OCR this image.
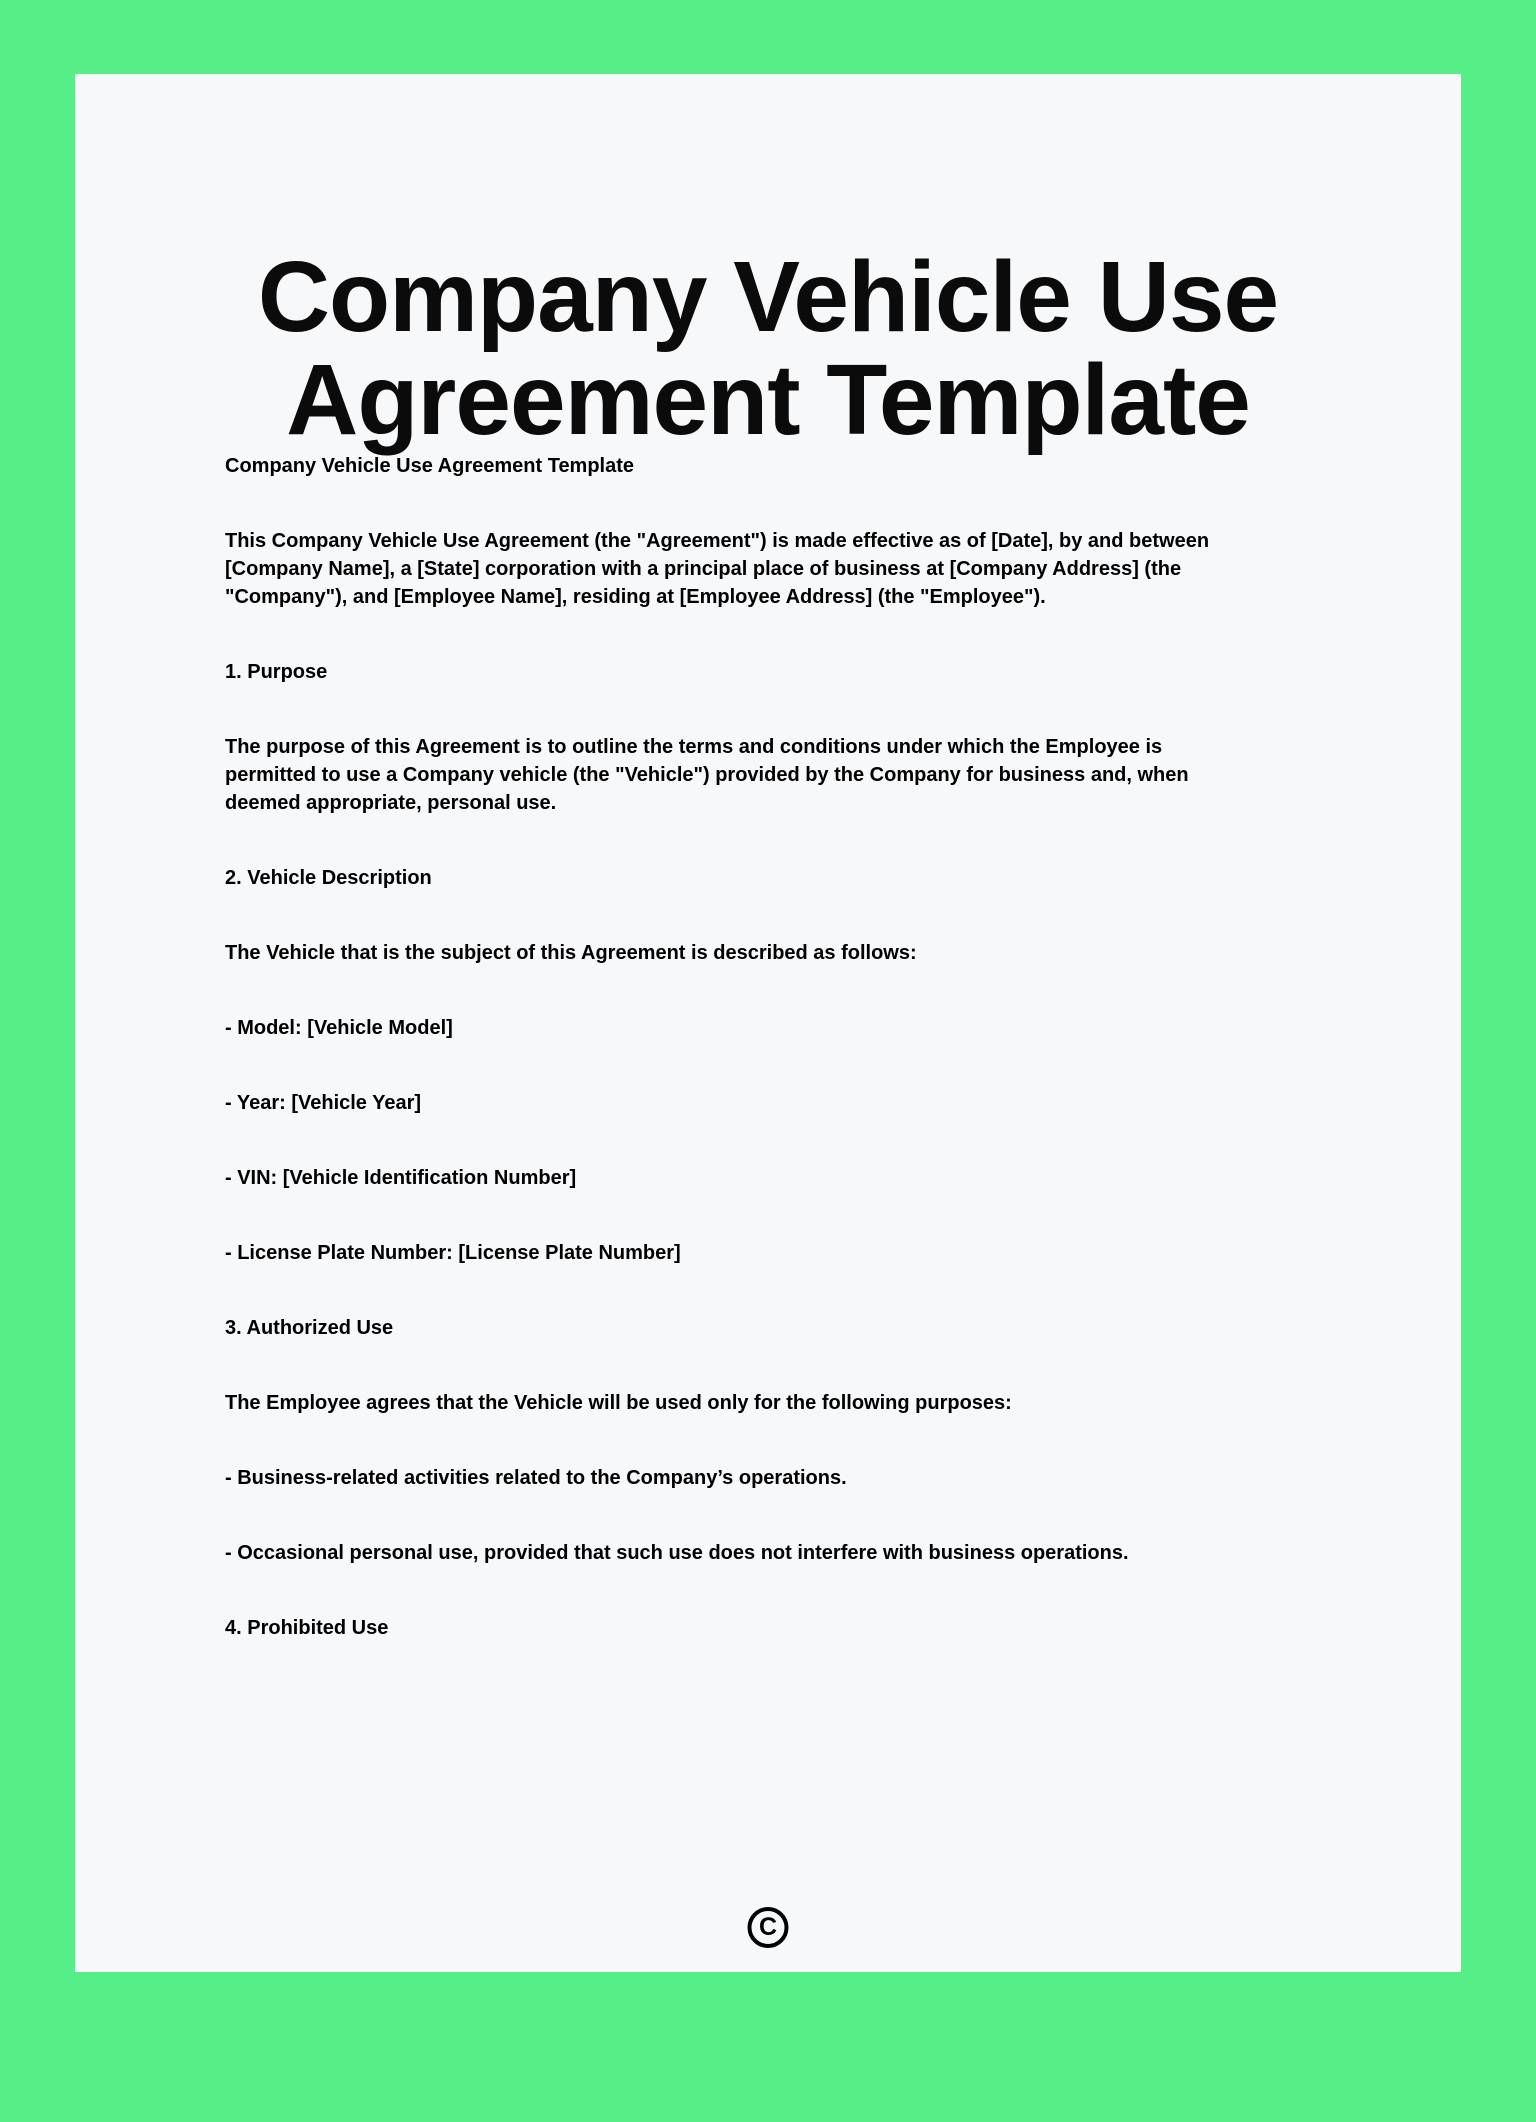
Company Vehicle Use
Agreement Template

Company Vehicle Use Agreement Template

This Company Vehicle Use Agreement (the "Agreement") is made effective as of [Date], by and between [Company Name], a [State] corporation with a principal place of business at [Company Address] (the "Company"), and [Employee Name], residing at [Employee Address] (the "Employee").

1. Purpose

The purpose of this Agreement is to outline the terms and conditions under which the Employee is permitted to use a Company vehicle (the "Vehicle") provided by the Company for business and, when deemed appropriate, personal use.

2. Vehicle Description

The Vehicle that is the subject of this Agreement is described as follows:

- Model: [Vehicle Model]

- Year: [Vehicle Year]

- VIN: [Vehicle Identification Number]

- License Plate Number: [License Plate Number]

3. Authorized Use

The Employee agrees that the Vehicle will be used only for the following purposes:

- Business-related activities related to the Company’s operations.

- Occasional personal use, provided that such use does not interfere with business operations.

4. Prohibited Use

C
